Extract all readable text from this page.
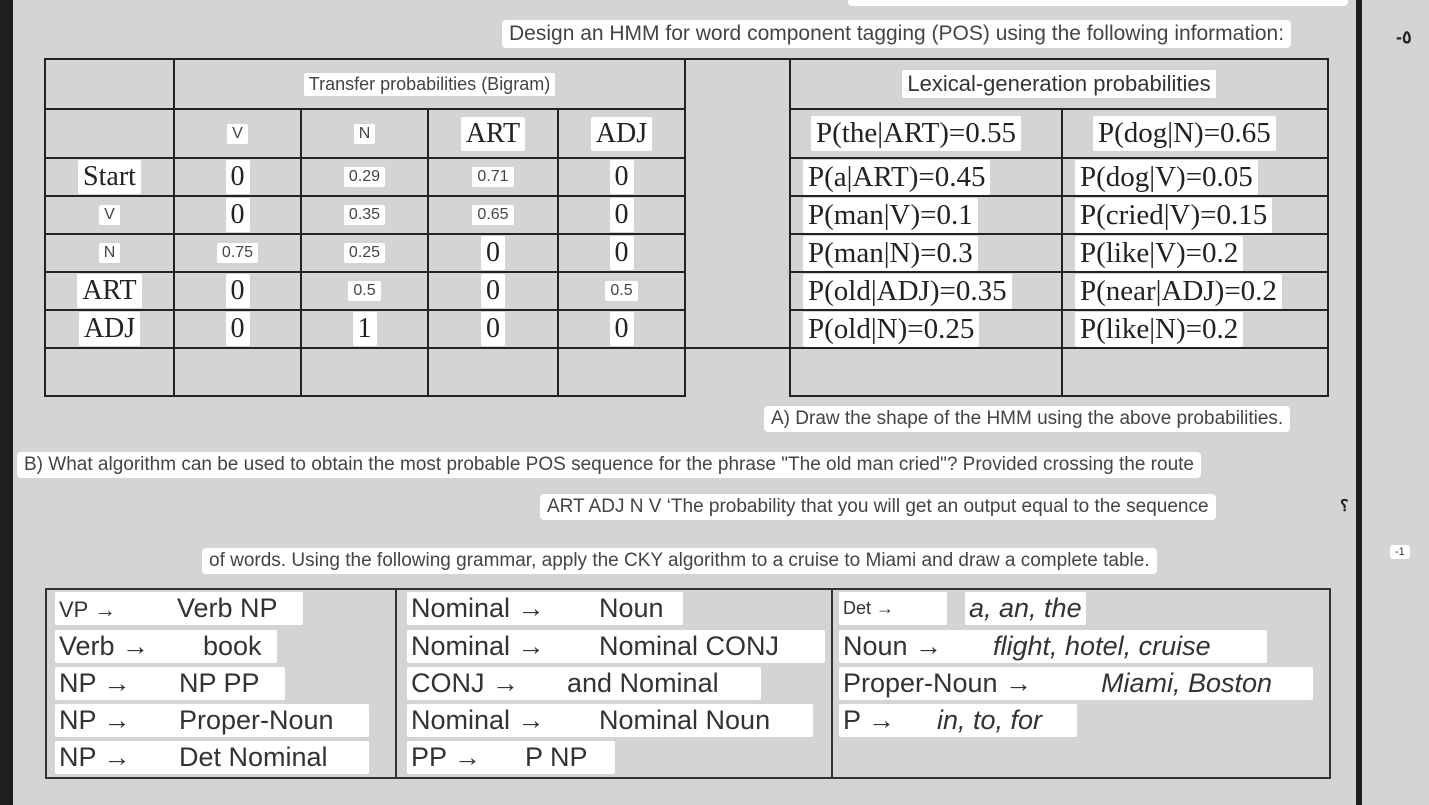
Design an HMM for word component tagging (POS) using the following information:	-٥
	Transfer probabilities (Bigram)				
	V	N	ART	ADJ	
Start	0	0.29	0.71	0	
V	0	0.35	0.65	0	
N	0.75	0.25	0	0	
ART	0	0.5	0	0.5	
ADJ	0	1	0	0	

Lexical-generation probabilities	
P(the|ART)=0.55	P(dog|N)=0.65
P(a|ART)=0.45	P(dog|V)=0.05
P(man|V)=0.1	P(cried|V)=0.15
P(man|N)=0.3	P(like|V)=0.2
P(old|ADJ)=0.35	P(near|ADJ)=0.2
P(old|N)=0.25	P(like|N)=0.2

A) Draw the shape of the HMM using the above probabilities.
B) What algorithm can be used to obtain the most probable POS sequence for the phrase "The old man cried"? Provided crossing the route
ART ADJ N V ‘The probability that you will get an output equal to the sequence	؟
of words. Using the following grammar, apply the CKY algorithm to a cruise to Miami and draw a complete table.	-1
VP → Verb NP
Verb → book
NP → NP PP
NP → Proper-Noun
NP → Det Nominal
Nominal → Noun
Nominal → Nominal CONJ
CONJ → and Nominal
Nominal → Nominal Noun
PP → P NP
Det →	a, an, the
Noun → flight, hotel, cruise
Proper-Noun →	Miami, Boston
P → in, to, for
